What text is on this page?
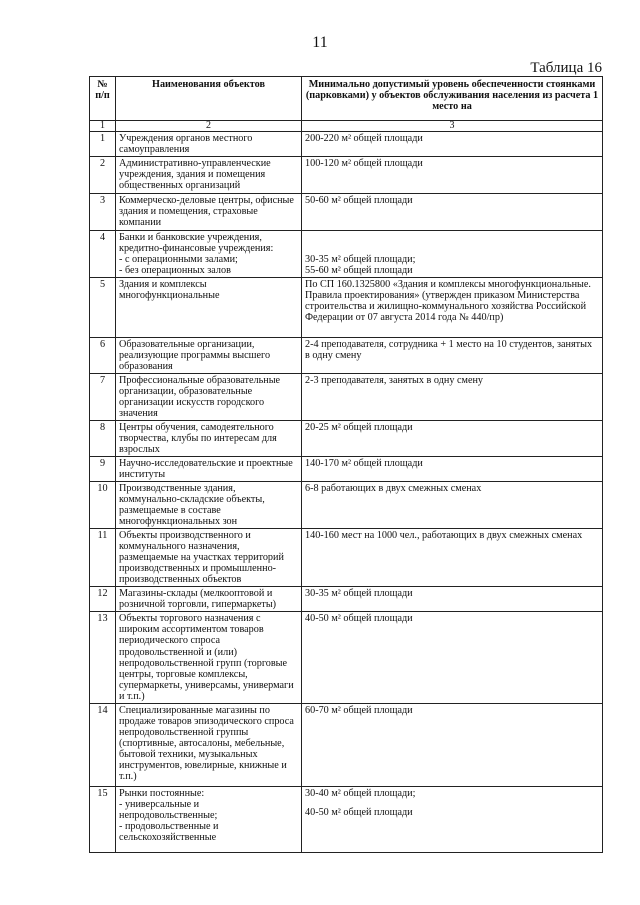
11
Таблица 16
№ п/п	Наименования объектов	Минимально допустимый уровень обеспеченности стоянками (парковками) у объектов обслуживания населения из расчета 1 место на
1	2	3
1	Учреждения органов местного самоуправления	200-220 м² общей площади

2	Административно-управленческие учреждения, здания и помещения общественных организаций	100-120 м² общей площади

3	Коммерческо-деловые центры, офисные здания и помещения, страховые компании	50-60 м² общей площади

4	Банки и банковские учреждения, кредитно-финансовые учреждения:
- с операционными залами;
- без операционных залов	30-35 м² общей площади;
55-60 м² общей площади

5	Здания и комплексы многофункциональные	По СП 160.1325800 «Здания и комплексы многофункциональные. Правила проектирования» (утвержден приказом Министерства строительства и жилищно-коммунального хозяйства Российской Федерации от 07 августа 2014 года № 440/пр)

6	Образовательные организации, реализующие программы высшего образования	2-4 преподавателя, сотрудника + 1 место на 10 студентов, занятых в одну смену

7	Профессиональные образовательные организации, образовательные организации искусств городского значения	2-3 преподавателя, занятых в одну смену

8	Центры обучения, самодеятельного творчества, клубы по интересам для взрослых	20-25 м² общей площади

9	Научно-исследовательские и проектные институты	140-170 м² общей площади

10	Производственные здания, коммунально-складские объекты, размещаемые в составе многофункциональных зон	6-8 работающих в двух смежных сменах

11	Объекты производственного и коммунального назначения, размещаемые на участках территорий производственных и промышленно-производственных объектов	140-160 мест на 1000 чел., работающих в двух смежных сменах

12	Магазины-склады (мелкооптовой и розничной торговли, гипермаркеты)	30-35 м² общей площади

13	Объекты торгового назначения с широким ассортиментом товаров периодического спроса продовольственной и (или) непродовольственной групп (торговые центры, торговые комплексы, супермаркеты, универсамы, универмаги и т.п.)	40-50 м² общей площади

14	Специализированные магазины по продаже товаров эпизодического спроса непродовольственной группы (спортивные, автосалоны, мебельные, бытовой техники, музыкальных инструментов, ювелирные, книжные и т.п.)	60-70 м² общей площади

15	Рынки постоянные:
- универсальные и непродовольственные;
- продовольственные и сельскохозяйственные	30-40 м² общей площади;
40-50 м² общей площади
